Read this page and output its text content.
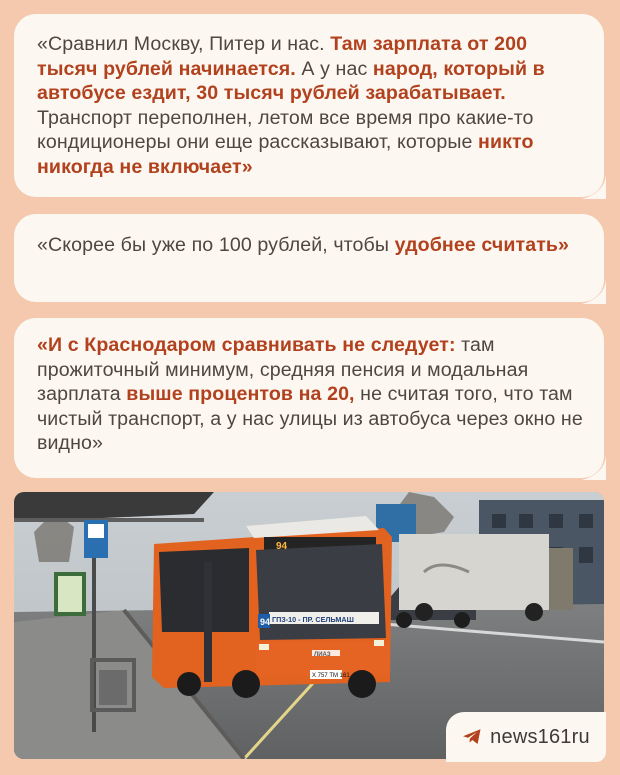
«Сравнил Москву, Питер и нас. Там зарплата от 200 тысяч рублей начинается. А у нас народ, который в автобусе ездит, 30 тысяч рублей зарабатывает. Транспорт переполнен, летом все время про какие-то кондиционеры они еще рассказывают, которые никто никогда не включает»
«Скорее бы уже по 100 рублей, чтобы удобнее считать»
«И с Краснодаром сравнивать не следует: там прожиточный минимум, средняя пенсия и модальная зарплата выше процентов на 20, не считая того, что там чистый транспорт, а у нас улицы из автобуса через окно не видно»
94
ГПЗ-10 - ПР. СЕЛЬМАШ
94
ЛИАЗ
Х 757 ТМ 161
news161ru
